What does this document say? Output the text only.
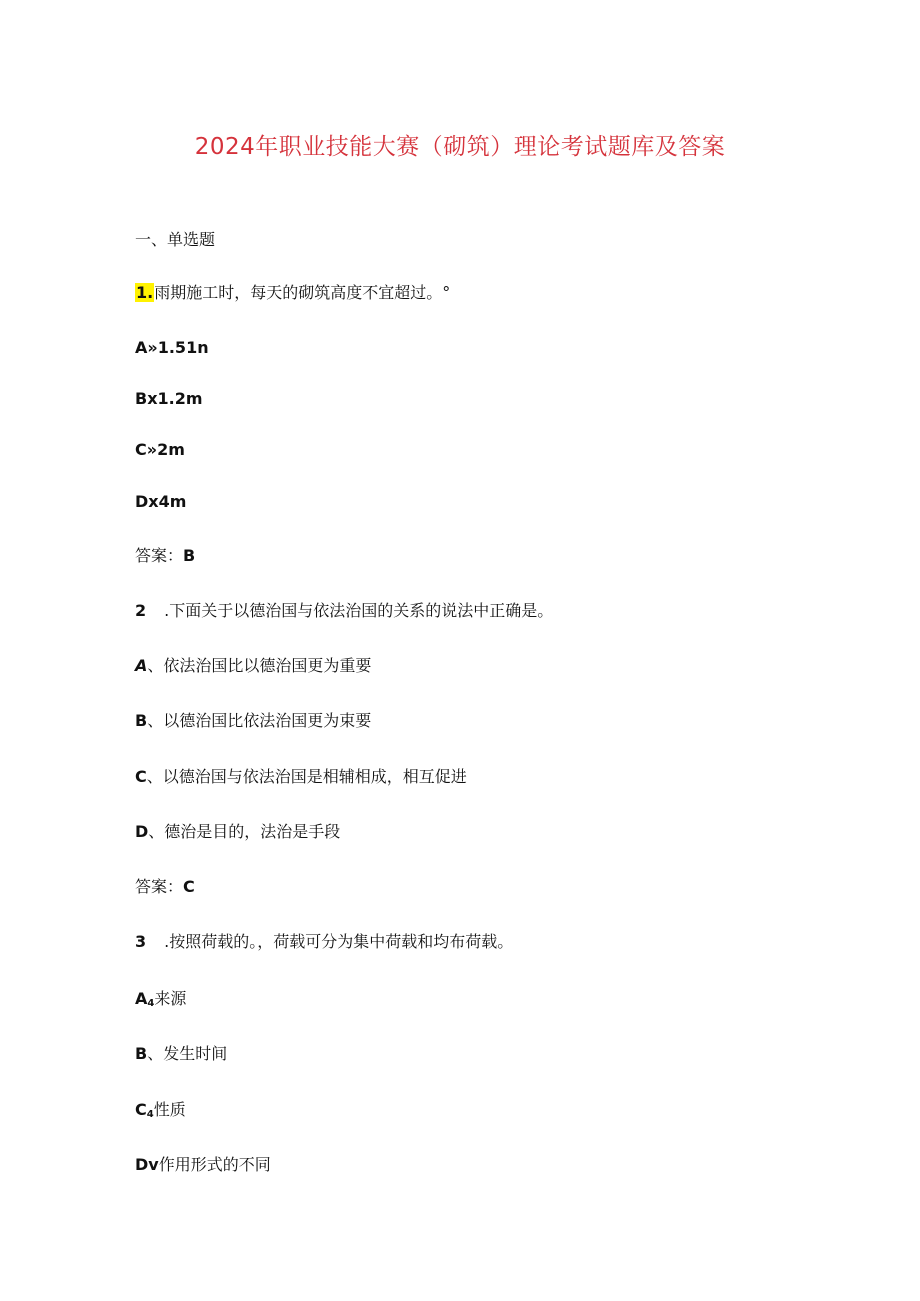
2024年职业技能大赛（砌筑）理论考试题库及答案
一、单选题
1.雨期施工时，每天的砌筑高度不宜超过。°
A»1.51n
Bx1.2m
C»2m
Dx4m
答案：B
2 .下面关于以德治国与依法治国的关系的说法中正确是。
A、依法治国比以德治国更为重要
B、以德治国比依法治国更为束要
C、以德治国与依法治国是相辅相成，相互促进
D、德治是目的，法治是手段
答案：C
3 .按照荷载的。，荷载可分为集中荷载和均布荷载。
$A_4$来源
B、发生时间
$C_4$性质
Dv作用形式的不同
